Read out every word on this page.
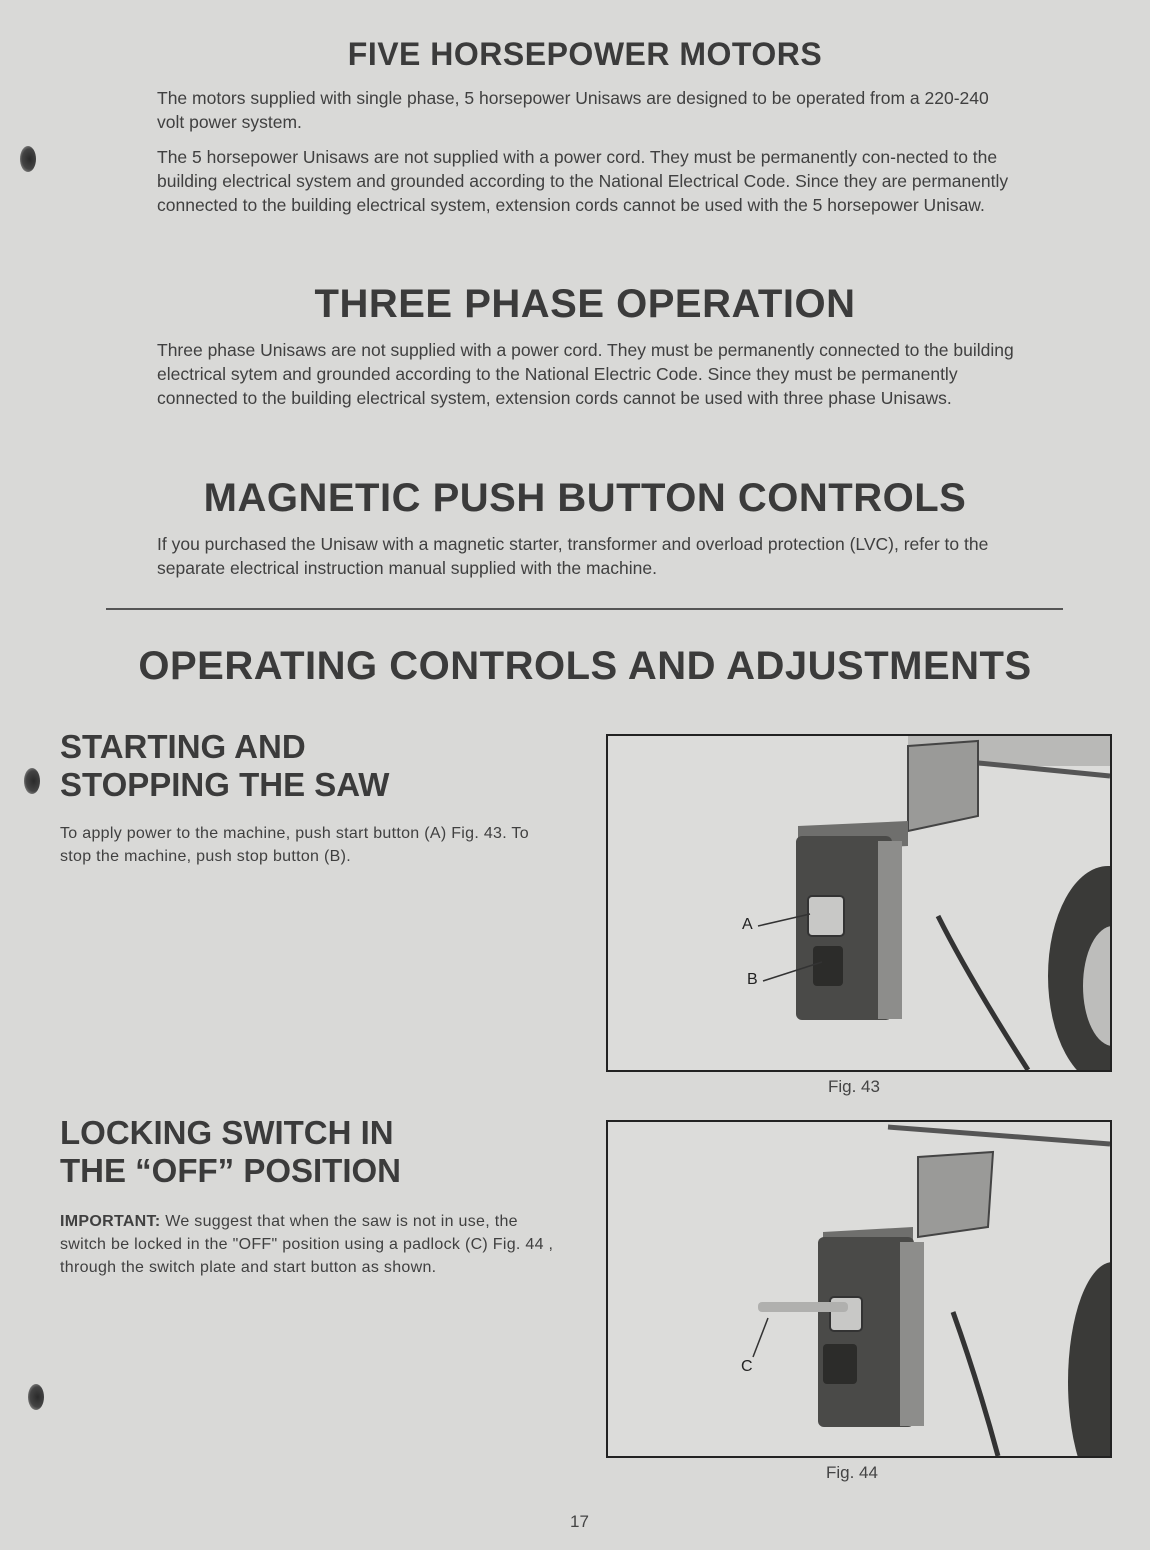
FIVE HORSEPOWER MOTORS

The motors supplied with single phase, 5 horsepower Unisaws are designed to be operated from a 220-240 volt power system.

The 5 horsepower Unisaws are not supplied with a power cord. They must be permanently con-nected to the building electrical system and grounded according to the National Electrical Code. Since they are permanently connected to the building electrical system, extension cords cannot be used with the 5 horsepower Unisaw.

THREE PHASE OPERATION

Three phase Unisaws are not supplied with a power cord. They must be permanently connected to the building electrical sytem and grounded according to the National Electric Code. Since they must be permanently connected to the building electrical system, extension cords cannot be used with three phase Unisaws.

MAGNETIC PUSH BUTTON CONTROLS

If you purchased the Unisaw with a magnetic starter, transformer and overload protection (LVC), refer to the separate electrical instruction manual supplied with the machine.

OPERATING CONTROLS AND ADJUSTMENTS
STARTING AND
STOPPING THE SAW

To apply power to the machine, push start button (A) Fig. 43. To stop the machine, push stop button (B).

A
B
Fig. 43
LOCKING SWITCH IN
THE “OFF” POSITION

IMPORTANT: We suggest that when the saw is not in use, the switch be locked in the "OFF" position using a padlock (C) Fig. 44 , through the switch plate and start button as shown.

C
Fig. 44
17
